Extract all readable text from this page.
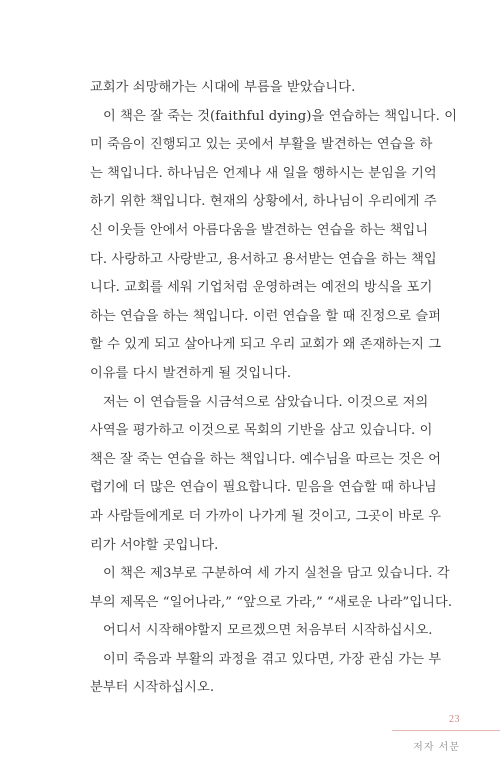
교회가 쇠망해가는 시대에 부름을 받았습니다.

이 책은 잘 죽는 것(faithful dying)을 연습하는 책입니다. 이
미 죽음이 진행되고 있는 곳에서 부활을 발견하는 연습을 하
는 책입니다. 하나님은 언제나 새 일을 행하시는 분임을 기억
하기 위한 책입니다. 현재의 상황에서, 하나님이 우리에게 주
신 이웃들 안에서 아름다움을 발견하는 연습을 하는 책입니
다. 사랑하고 사랑받고, 용서하고 용서받는 연습을 하는 책입
니다. 교회를 세워 기업처럼 운영하려는 예전의 방식을 포기
하는 연습을 하는 책입니다. 이런 연습을 할 때 진정으로 슬퍼
할 수 있게 되고 살아나게 되고 우리 교회가 왜 존재하는지 그
이유를 다시 발견하게 될 것입니다.

저는 이 연습들을 시금석으로 삼았습니다. 이것으로 저의
사역을 평가하고 이것으로 목회의 기반을 삼고 있습니다. 이
책은 잘 죽는 연습을 하는 책입니다. 예수님을 따르는 것은 어
렵기에 더 많은 연습이 필요합니다. 믿음을 연습할 때 하나님
과 사람들에게로 더 가까이 나가게 될 것이고, 그곳이 바로 우
리가 서야할 곳입니다.

이 책은 제3부로 구분하여 세 가지 실천을 담고 있습니다. 각
부의 제목은 “일어나라,” “앞으로 가라,” “새로운 나라”입니다.

어디서 시작해야할지 모르겠으면 처음부터 시작하십시오.

이미 죽음과 부활의 과정을 겪고 있다면, 가장 관심 가는 부
분부터 시작하십시오.

23
저자 서문
